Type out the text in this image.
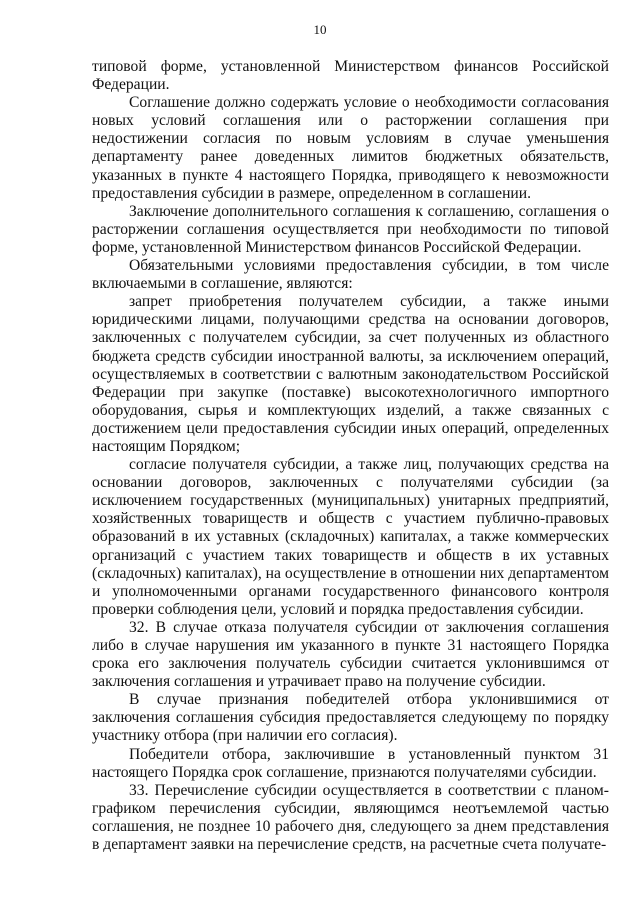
10

типовой форме, установленной Министерством финансов Российской Федерации.

Соглашение должно содержать условие о необходимости согласования новых условий соглашения или о расторжении соглашения при недостижении согласия по новым условиям в случае уменьшения департаменту ранее доведенных лимитов бюджетных обязательств, указанных в пункте 4 настоящего Порядка, приводящего к невозможности предоставления субсидии в размере, определенном в соглашении.

Заключение дополнительного соглашения к соглашению, соглашения о расторжении соглашения осуществляется при необходимости по типовой форме, установленной Министерством финансов Российской Федерации.

Обязательными условиями предоставления субсидии, в том числе включаемыми в соглашение, являются:

запрет приобретения получателем субсидии, а также иными юридическими лицами, получающими средства на основании договоров, заключенных с получателем субсидии, за счет полученных из областного бюджета средств субсидии иностранной валюты, за исключением операций, осуществляемых в соответствии с валютным законодательством Российской Федерации при закупке (поставке) высокотехнологичного импортного оборудования, сырья и комплектующих изделий, а также связанных с достижением цели предоставления субсидии иных операций, определенных настоящим Порядком;

согласие получателя субсидии, а также лиц, получающих средства на основании договоров, заключенных с получателями субсидии (за исключением государственных (муниципальных) унитарных предприятий, хозяйственных товариществ и обществ с участием публично-правовых образований в их уставных (складочных) капиталах, а также коммерческих организаций с участием таких товариществ и обществ в их уставных (складочных) капиталах), на осуществление в отношении них департаментом и уполномоченными органами государственного финансового контроля проверки соблюдения цели, условий и порядка предоставления субсидии.

32. В случае отказа получателя субсидии от заключения соглашения либо в случае нарушения им указанного в пункте 31 настоящего Порядка срока его заключения получатель субсидии считается уклонившимся от заключения соглашения и утрачивает право на получение субсидии.

В случае признания победителей отбора уклонившимися от заключения соглашения субсидия предоставляется следующему по порядку участнику отбора (при наличии его согласия).

Победители отбора, заключившие в установленный пунктом 31 настоящего Порядка срок соглашение, признаются получателями субсидии.

33. Перечисление субсидии осуществляется в соответствии с планом-графиком перечисления субсидии, являющимся неотъемлемой частью соглашения, не позднее 10 рабочего дня, следующего за днем представления в департамент заявки на перечисление средств, на расчетные счета получате-
